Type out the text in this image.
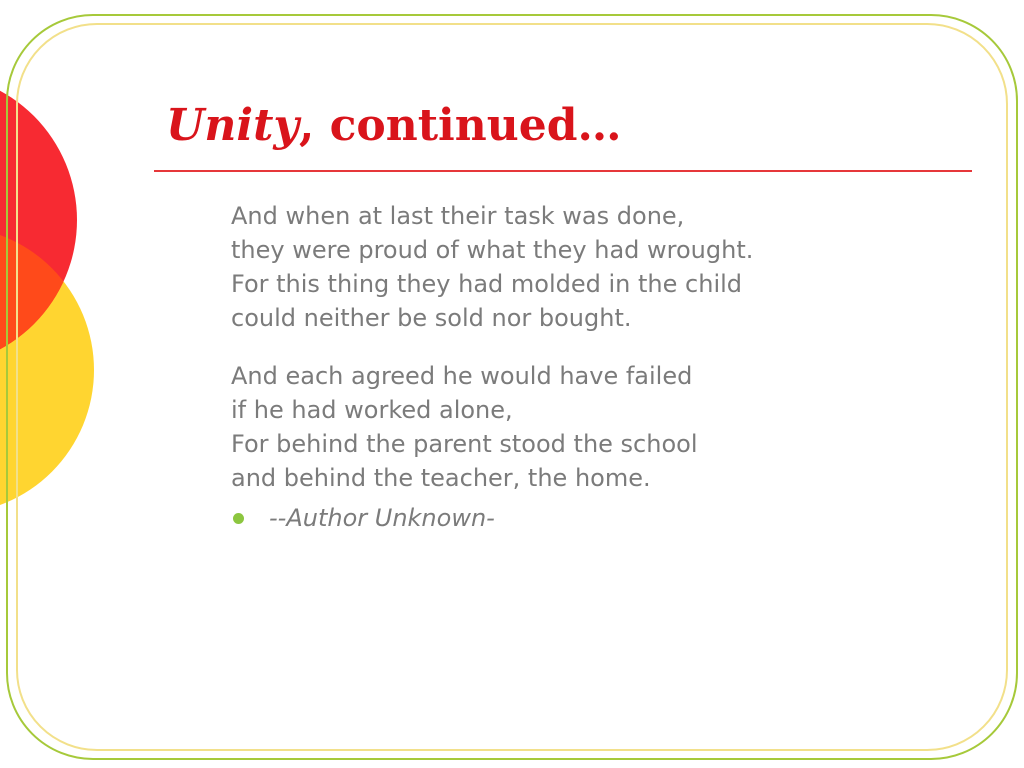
Unity, continued…

And when at last their task was done,
they were proud of what they had wrought.
For this thing they had molded in the child
could neither be sold nor bought.

And each agreed he would have failed
if he had worked alone,
For behind the parent stood the school
and behind the teacher, the home.

--Author Unknown-
